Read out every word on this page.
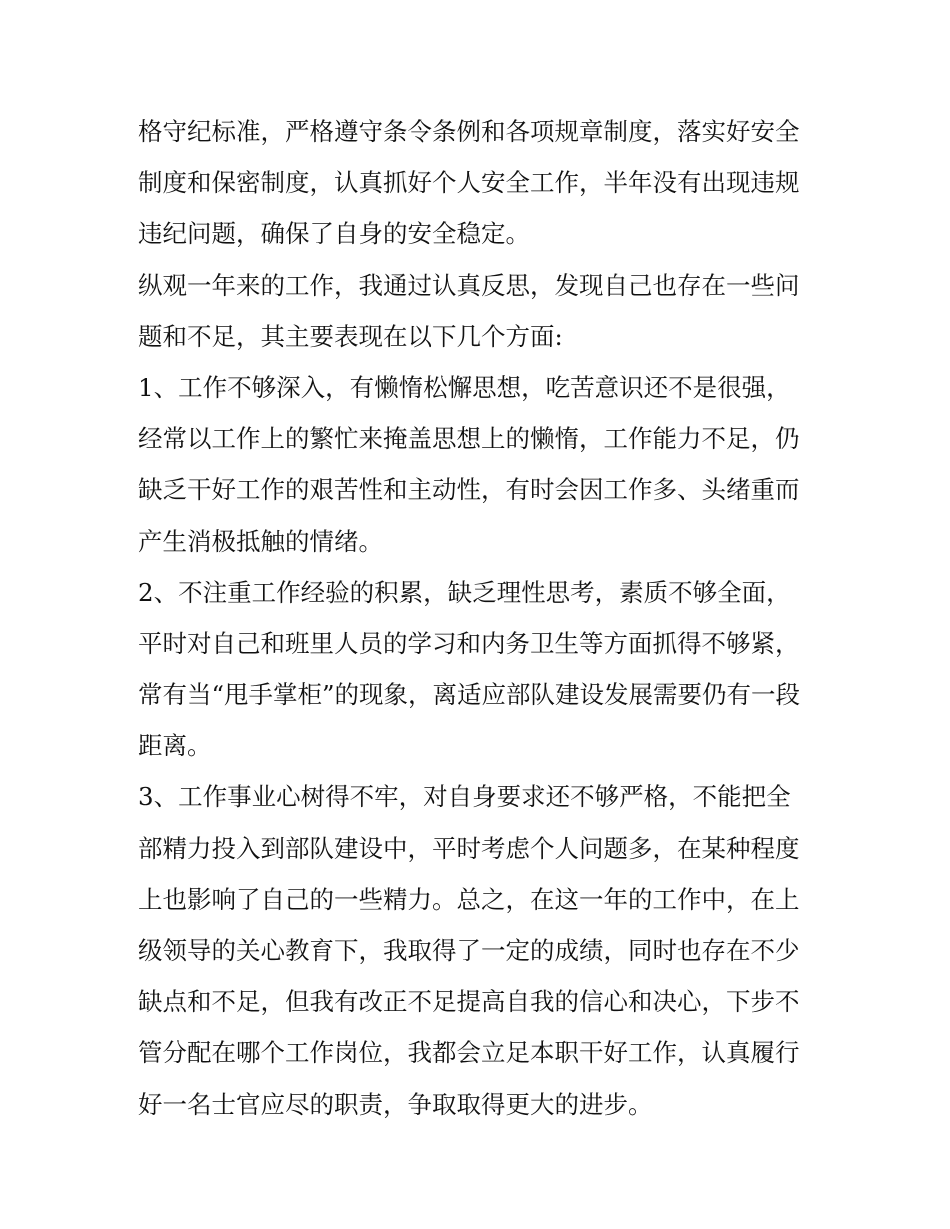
格守纪标准，严格遵守条令条例和各项规章制度，落实好安全
制度和保密制度，认真抓好个人安全工作，半年没有出现违规
违纪问题，确保了自身的安全稳定。
纵观一年来的工作，我通过认真反思，发现自己也存在一些问
题和不足，其主要表现在以下几个方面:
1、工作不够深入，有懒惰松懈思想，吃苦意识还不是很强，
经常以工作上的繁忙来掩盖思想上的懒惰，工作能力不足，仍
缺乏干好工作的艰苦性和主动性，有时会因工作多、头绪重而
产生消极抵触的情绪。
2、不注重工作经验的积累，缺乏理性思考，素质不够全面，
平时对自己和班里人员的学习和内务卫生等方面抓得不够紧，
常有当“甩手掌柜”的现象，离适应部队建设发展需要仍有一段
距离。
3、工作事业心树得不牢，对自身要求还不够严格，不能把全
部精力投入到部队建设中，平时考虑个人问题多，在某种程度
上也影响了自己的一些精力。总之，在这一年的工作中，在上
级领导的关心教育下，我取得了一定的成绩，同时也存在不少
缺点和不足，但我有改正不足提高自我的信心和决心，下步不
管分配在哪个工作岗位，我都会立足本职干好工作，认真履行
好一名士官应尽的职责，争取取得更大的进步。
